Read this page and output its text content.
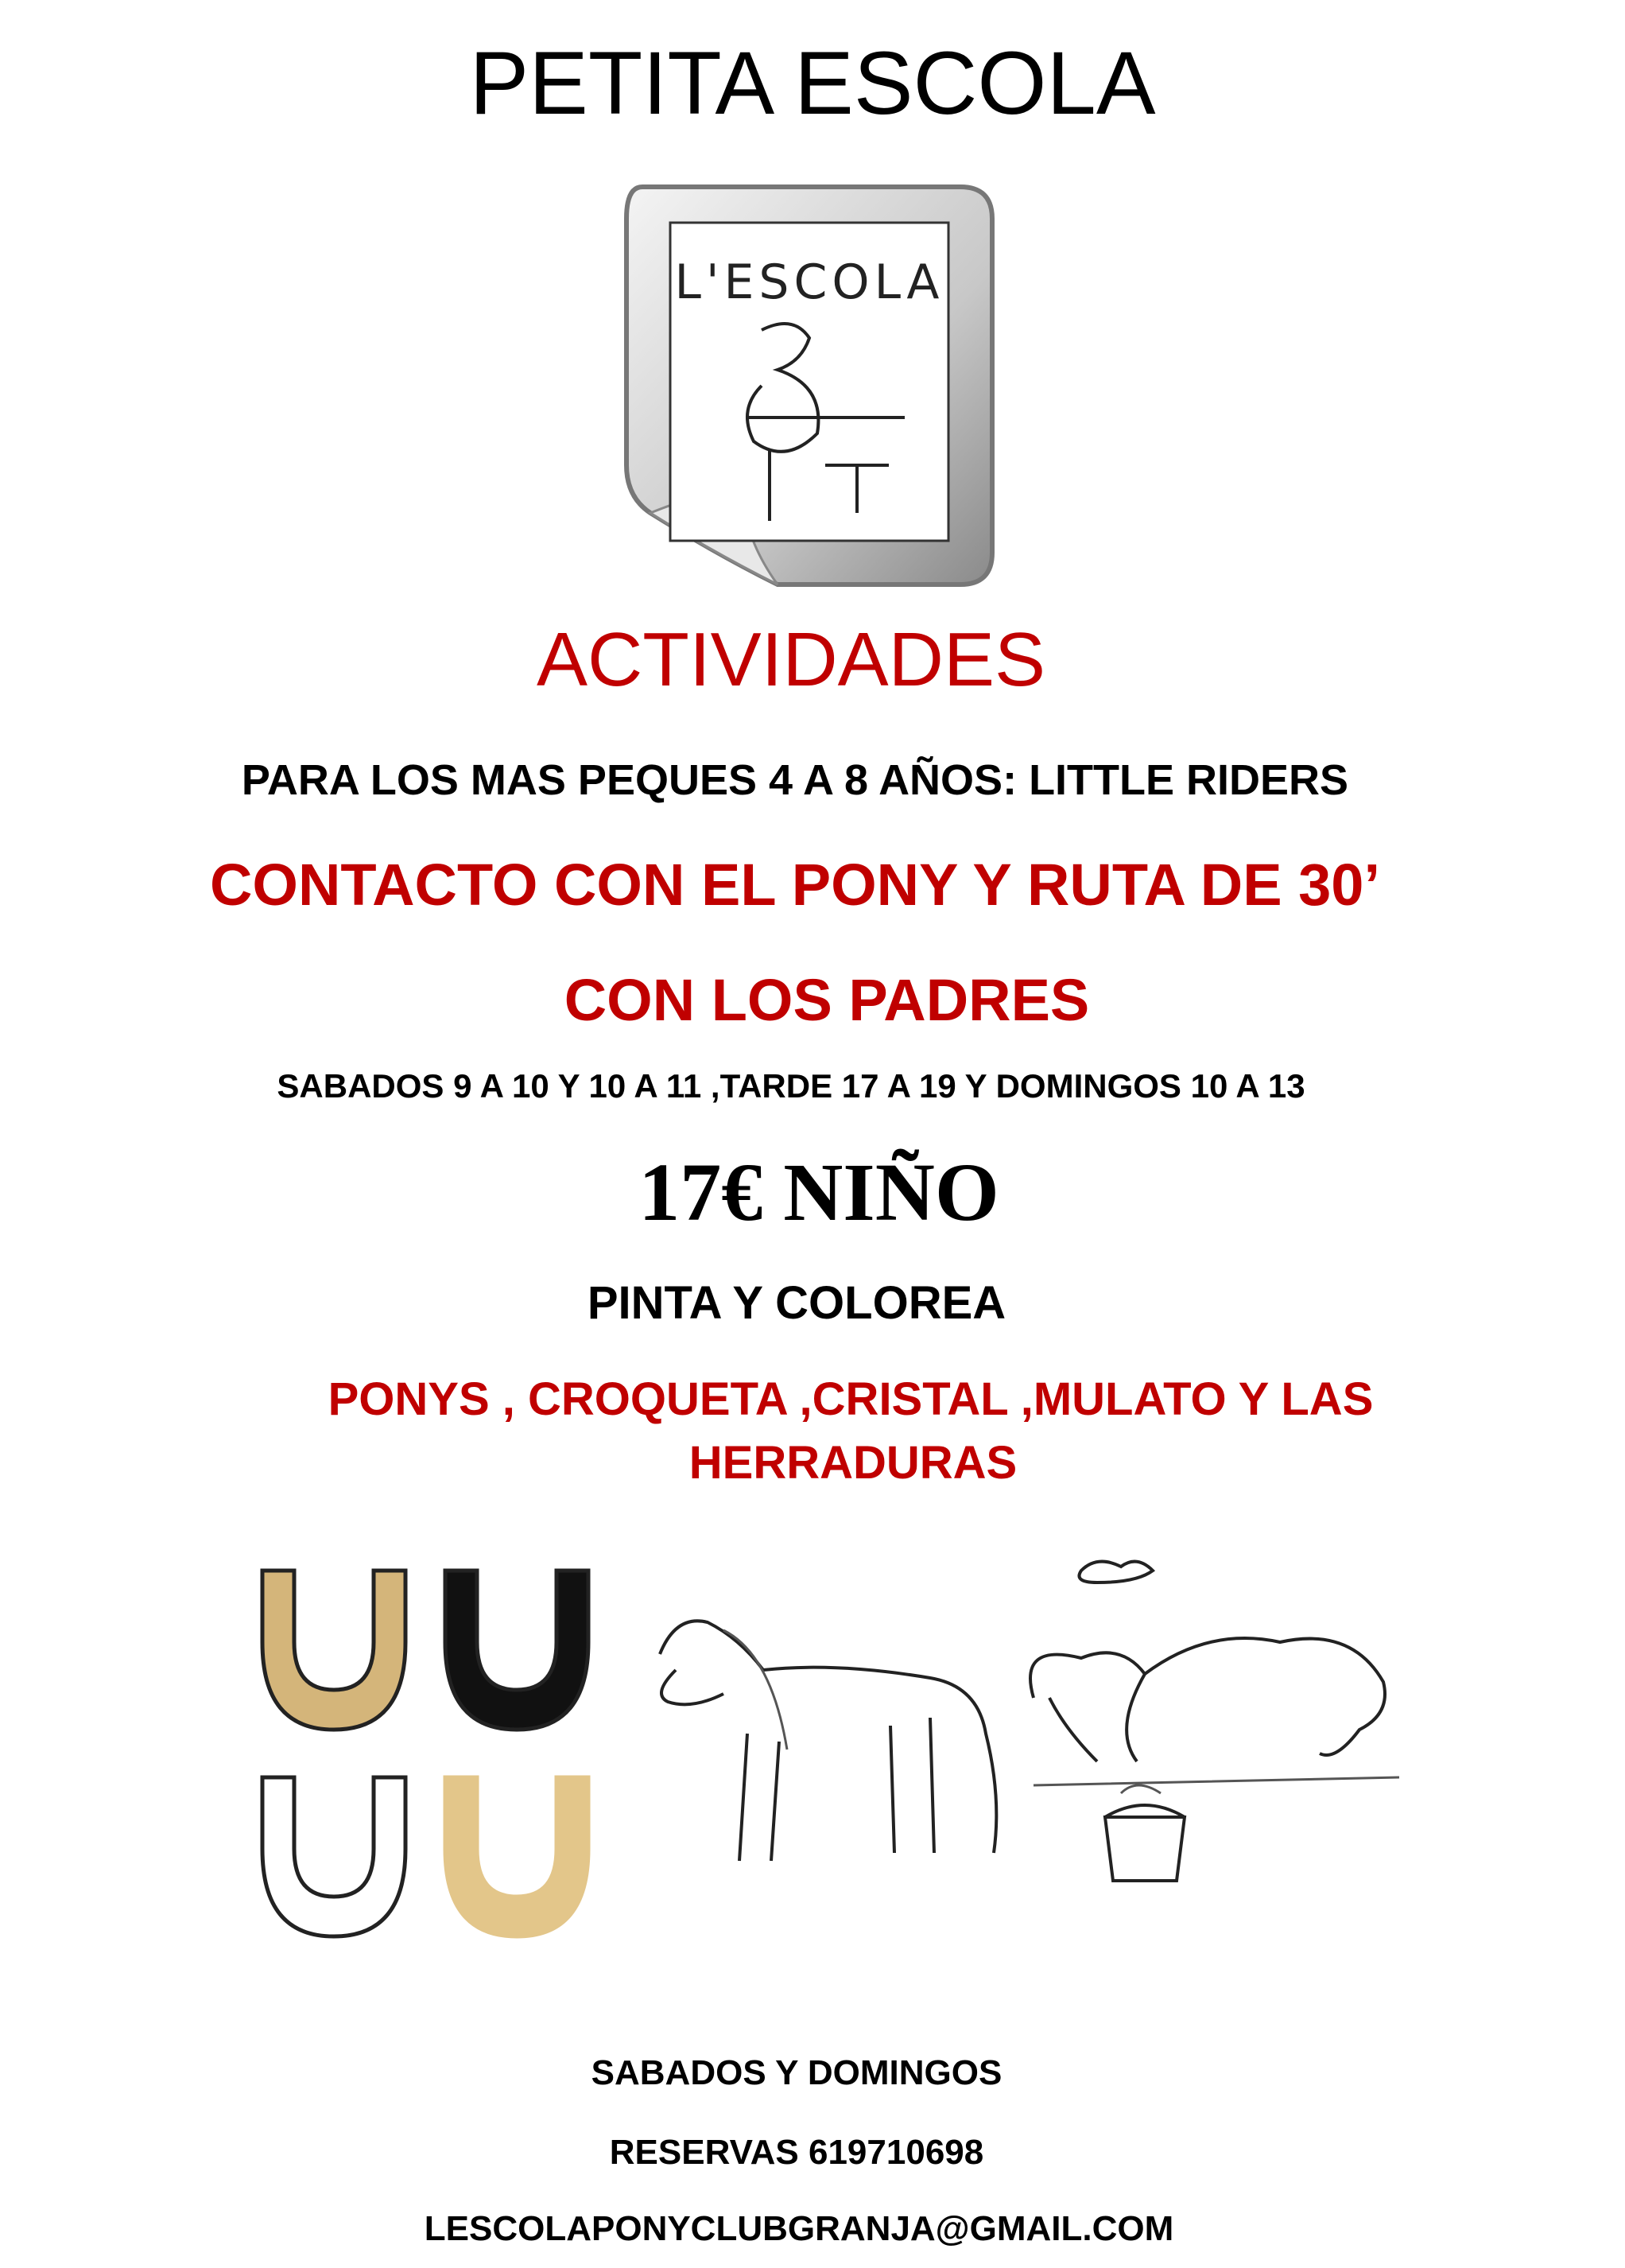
PETITA ESCOLA
L'ESCOLA
ACTIVIDADES
PARA LOS MAS PEQUES 4 A 8 AÑOS: LITTLE RIDERS
CONTACTO CON EL PONY Y RUTA DE 30’
CON LOS PADRES
SABADOS 9 A 10 Y 10 A 11 ,TARDE 17 A 19 Y DOMINGOS 10 A 13
17€ NIÑO
PINTA Y COLOREA
PONYS , CROQUETA ,CRISTAL ,MULATO Y LAS
HERRADURAS
SABADOS Y DOMINGOS
RESERVAS 619710698
LESCOLAPONYCLUBGRANJA@GMAIL.COM
